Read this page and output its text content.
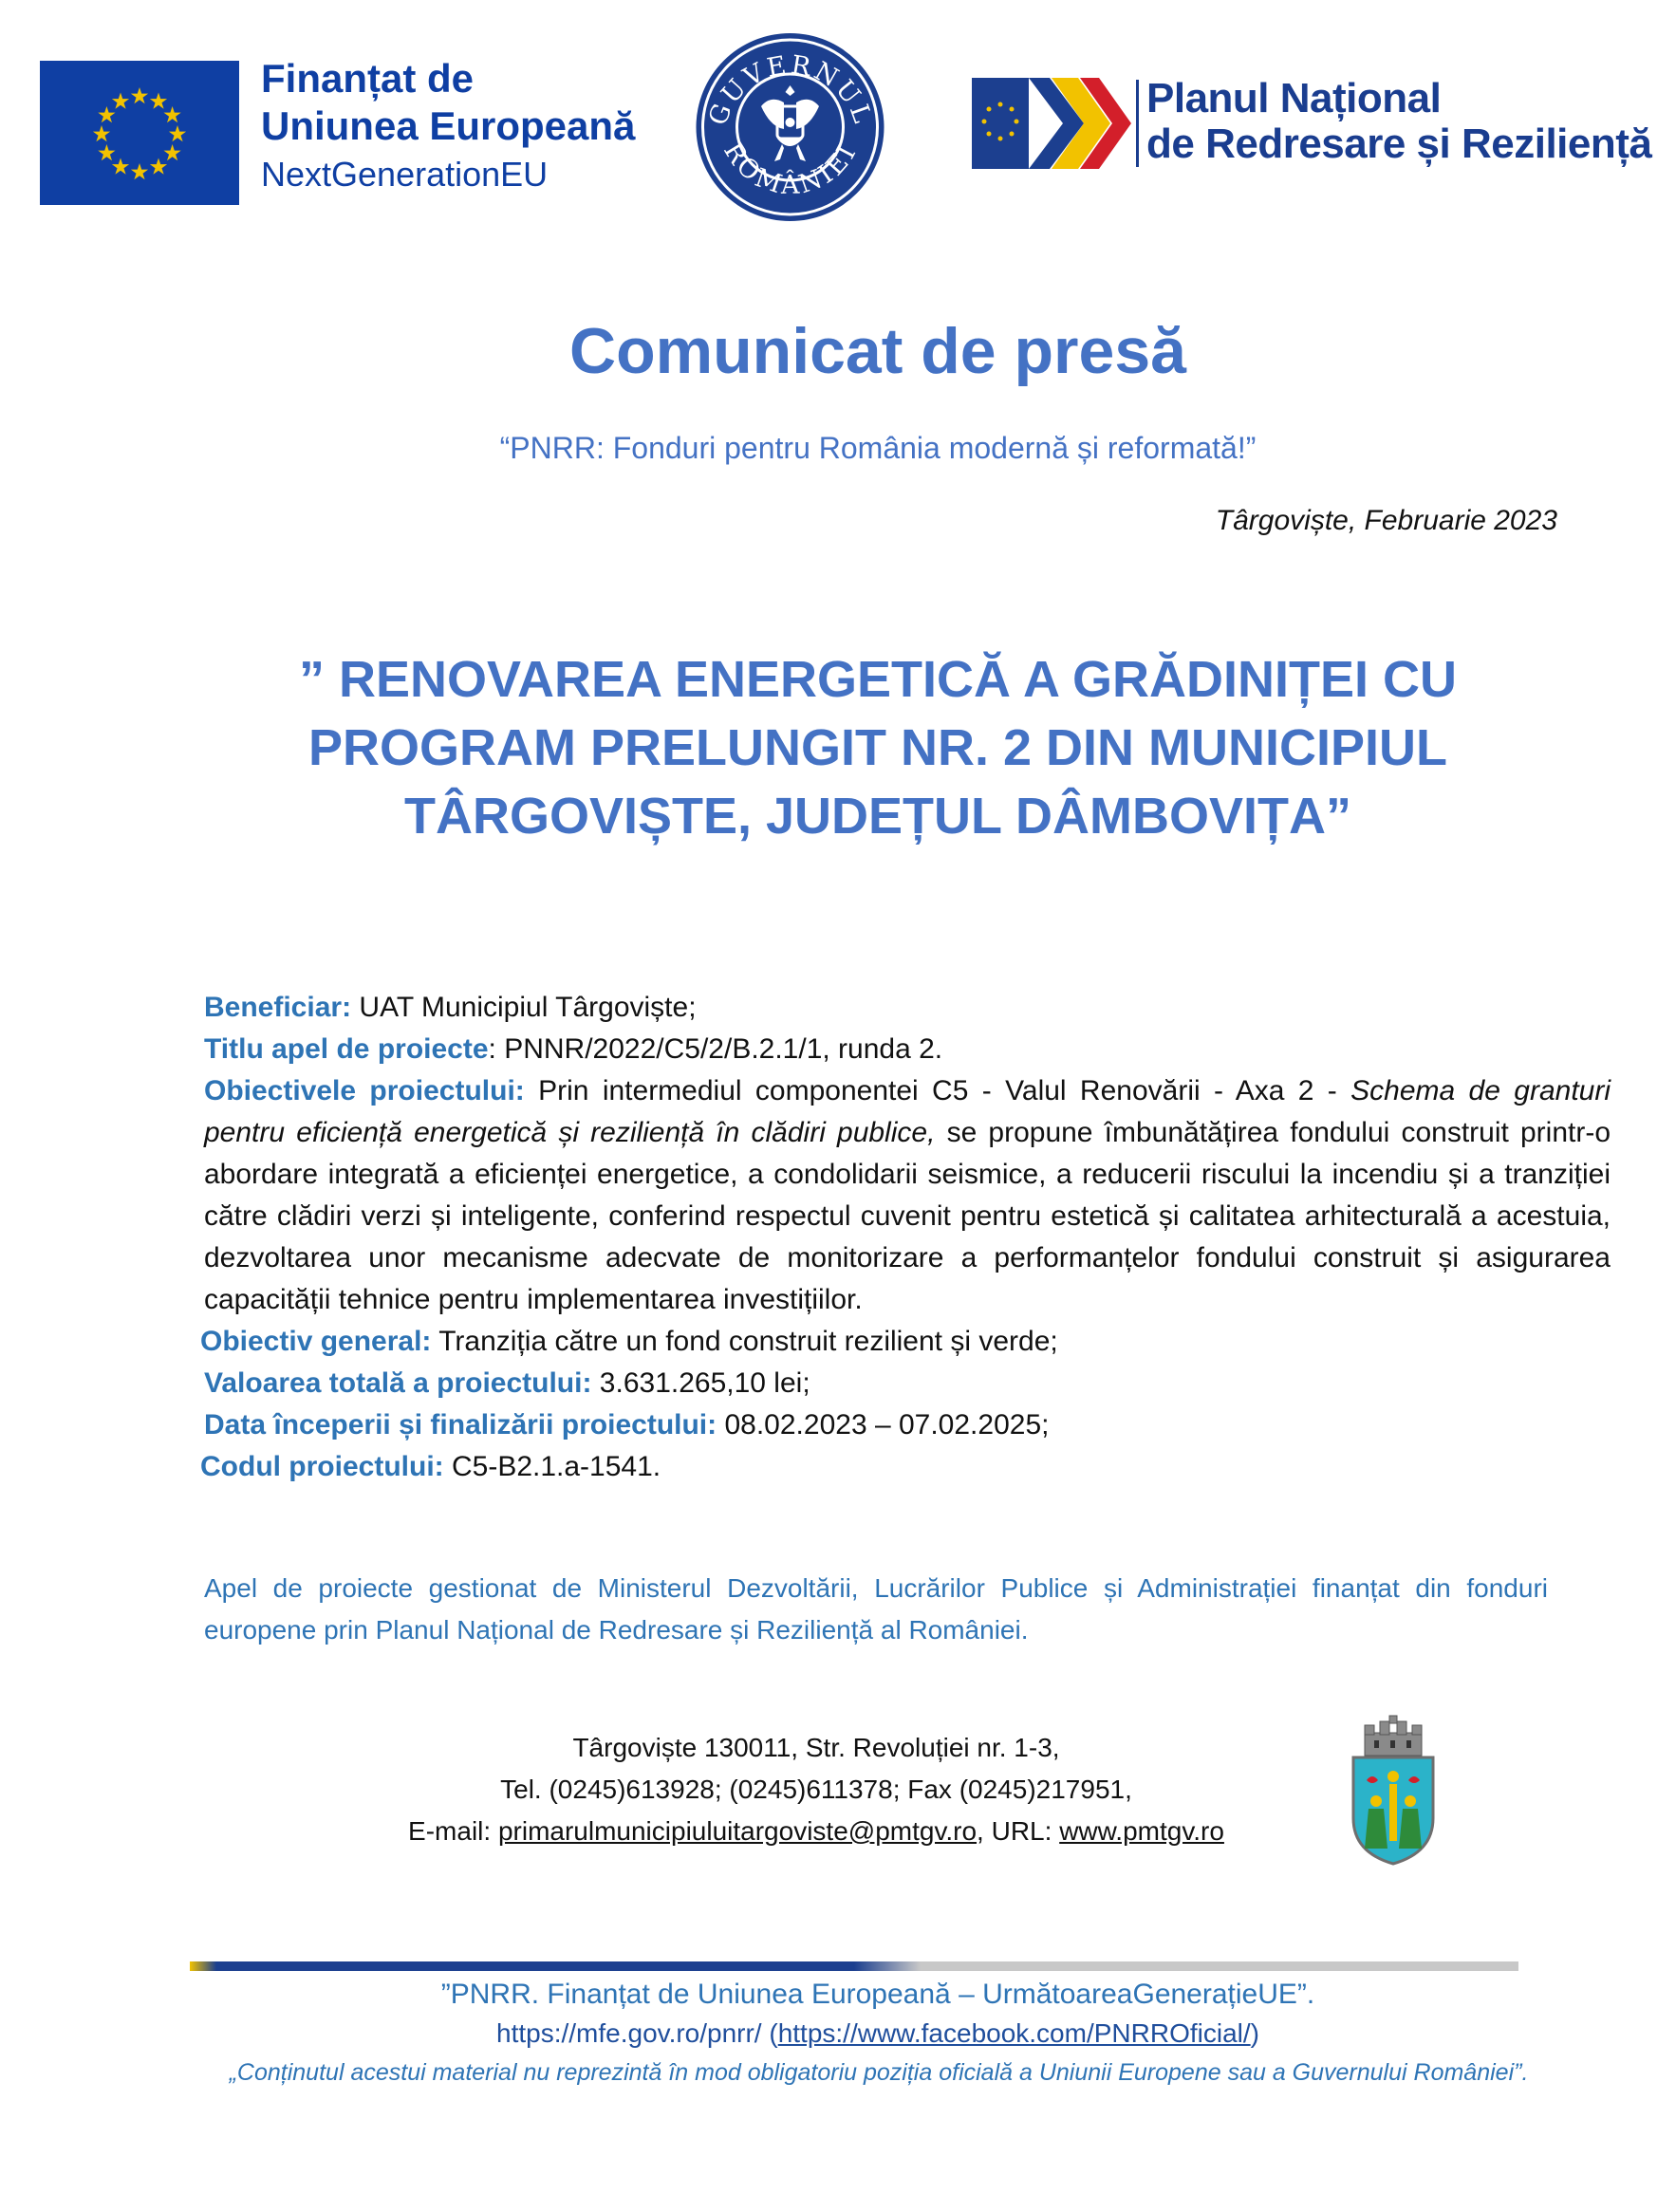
Finanțat de
Uniunea Europeană
NextGenerationEU
GUVERNUL
ROMÂNIEI
Planul Național
de Redresare și Reziliență
Comunicat de presă
“PNRR: Fonduri pentru România modernă și reformată!”
Târgoviște, Februarie 2023
” RENOVAREA ENERGETICĂ A GRĂDINIȚEI CU PROGRAM PRELUNGIT NR. 2 DIN MUNICIPIUL TÂRGOVIȘTE, JUDEȚUL DÂMBOVIȚA”

Beneficiar: UAT Municipiul Târgoviște;

Titlu apel de proiecte: PNNR/2022/C5/2/B.2.1/1, runda 2.

Obiectivele proiectului: Prin intermediul componentei C5 - Valul Renovării - Axa 2 - Schema de granturi pentru eficiență energetică și reziliență în clădiri publice, se propune îmbunătățirea fondului construit printr-o abordare integrată a eficienței energetice, a condolidarii seismice, a reducerii riscului la incendiu și a tranziției către clădiri verzi și inteligente, conferind respectul cuvenit pentru estetică și calitatea arhitecturală a acestuia, dezvoltarea unor mecanisme adecvate de monitorizare a performanțelor fondului construit și asigurarea capacității tehnice pentru implementarea investițiilor.

Obiectiv general: Tranziția către un fond construit rezilient și verde;

Valoarea totală a proiectului: 3.631.265,10 lei;

Data începerii și finalizării proiectului: 08.02.2023 – 07.02.2025;

Codul proiectului: C5-B2.1.a-1541.

Apel de proiecte gestionat de Ministerul Dezvoltării, Lucrărilor Publice și Administrației finanțat din fonduri europene prin Planul Național de Redresare și Reziliență al României.
Târgoviște 130011, Str. Revoluției nr. 1-3,
Tel. (0245)613928; (0245)611378; Fax (0245)217951,
E-mail: primarulmunicipiuluitargoviste@pmtgv.ro, URL: www.pmtgv.ro
”PNRR. Finanțat de Uniunea Europeană – UrmătoareaGenerațieUE”.
https://mfe.gov.ro/pnrr/ (https://www.facebook.com/PNRROficial/)
„Conținutul acestui material nu reprezintă în mod obligatoriu poziția oficială a Uniunii Europene sau a Guvernului României”.
